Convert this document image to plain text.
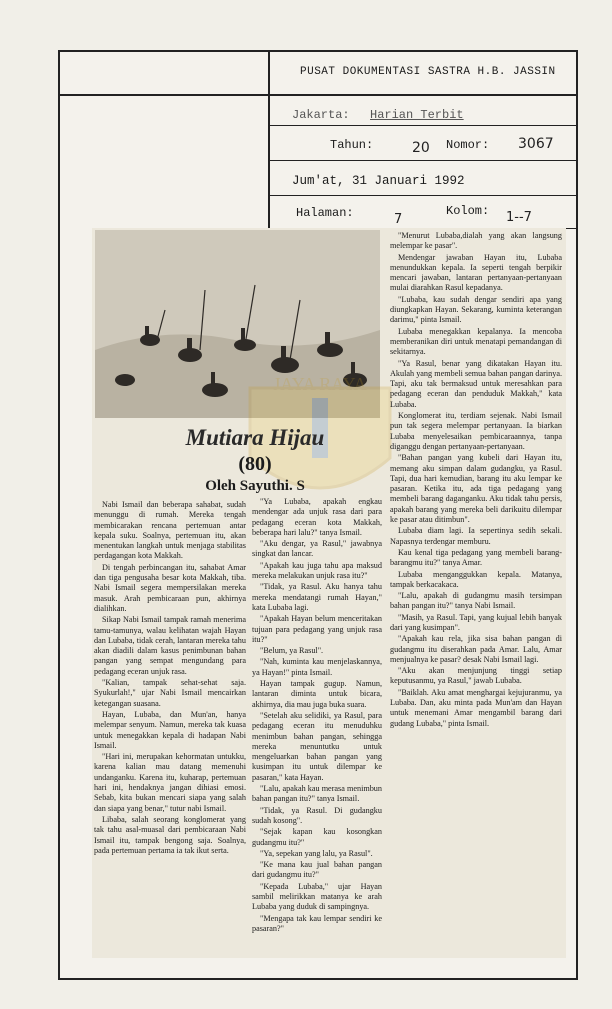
PUSAT DOKUMENTASI SASTRA H.B. JASSIN
Jakarta: Harian Terbit
Tahun:	20 Nomor: 3067
Jum'at, 31 Januari 1992
Halaman:	7
Kolom: 1--7
JAYA RAYA
Mutiara Hijau
(80)
Oleh Sayuthi. S

Nabi Ismail dan beberapa sahabat, sudah menunggu di rumah. Mereka tengah membicarakan rencana pertemuan antar kepala suku. Soalnya, pertemuan itu, akan menentukan langkah untuk menjaga stabilitas perdagangan kota Makkah.

Di tengah perbincangan itu, sahabat Amar dan tiga pengusaha besar kota Makkah, tiba. Nabi Ismail segera mempersilakan mereka masuk. Arah pembicaraan pun, akhirnya dialihkan.

Sikap Nabi Ismail tampak ramah menerima tamu-tamunya, walau kelihatan wajah Hayan dan Lubaba, tidak cerah, lantaran mereka tahu akan diadili dalam kasus penimbunan bahan pangan yang sempat mengundang para pedagang eceran unjuk rasa.

"Kalian, tampak sehat-sehat saja. Syukurlah!," ujar Nabi Ismail mencairkan ketegangan suasana.

Hayan, Lubaba, dan Mun'an, hanya melempar senyum. Namun, mereka tak kuasa untuk menegakkan kepala di hadapan Nabi Ismail.

"Hari ini, merupakan kehormatan untukku, karena kalian mau datang memenuhi undanganku. Karena itu, kuharap, pertemuan hari ini, hendaknya jangan dihiasi emosi. Sebab, kita bukan mencari siapa yang salah dan siapa yang benar," tutur nabi Ismail.

Libaba, salah seorang konglomerat yang tak tahu asal-muasal dari pembicaraan Nabi Ismail itu, tampak bengong saja. Soalnya, pada pertemuan pertama ia tak ikut serta.

"Ya Lubaba, apakah engkau mendengar ada unjuk rasa dari para pedagang eceran kota Makkah, beberapa hari lalu?" tanya Ismail.

"Aku dengar, ya Rasul," jawabnya singkat dan lancar.

"Apakah kau juga tahu apa maksud mereka melakukan unjuk rasa itu?"

"Tidak, ya Rasul. Aku hanya tahu mereka mendatangi rumah Hayan," kata Lubaba lagi.

"Apakah Hayan belum menceritakan tujuan para pedagang yang unjuk rasa itu?"

"Belum, ya Rasul".

"Nah, kuminta kau menjelaskannya, ya Hayan!" pinta Ismail.

Hayan tampak gugup. Namun, lantaran diminta untuk bicara, akhirnya, dia mau juga buka suara.

"Setelah aku selidiki, ya Rasul, para pedagang eceran itu menuduhku menimbun bahan pangan, sehingga mereka menuntutku untuk mengeluarkan bahan pangan yang kusimpan itu untuk dilempar ke pasaran," kata Hayan.

"Lalu, apakah kau merasa menimbun bahan pangan itu?" tanya Ismail.

"Tidak, ya Rasul. Di gudangku sudah kosong".

"Sejak kapan kau kosongkan gudangmu itu?"

"Ya, sepekan yang lalu, ya Rasul".

"Ke mana kau jual bahan pangan dari gudangmu itu?"

"Kepada Lubaba," ujar Hayan sambil melirikkan matanya ke arah Lubaba yang duduk di sampingnya.

"Mengapa tak kau lempar sendiri ke pasaran?"

"Menurut Lubaba,dialah yang akan langsung melempar ke pasar".

Mendengar jawaban Hayan itu, Lubaba menundukkan kepala. Ia seperti tengah berpikir mencari jawaban, lantaran pertanyaan-pertanyaan mulai diarahkan Rasul kepadanya.

"Lubaba, kau sudah dengar sendiri apa yang diungkapkan Hayan. Sekarang, kuminta keterangan darimu," pinta Ismail.

Lubaba menegakkan kepalanya. Ia mencoba memberanikan diri untuk menatapi pemandangan di sekitarnya.

"Ya Rasul, benar yang dikatakan Hayan itu. Akulah yang membeli semua bahan pangan darinya. Tapi, aku tak bermaksud untuk meresahkan para pedagang eceran dan penduduk Makkah," kata Lubaba.

Konglomerat itu, terdiam sejenak. Nabi Ismail pun tak segera melempar pertanyaan. Ia biarkan Lubaba menyelesaikan pembicaraannya, tanpa diganggu dengan pertanyaan-pertanyaan.

"Bahan pangan yang kubeli dari Hayan itu, memang aku simpan dalam gudangku, ya Rasul. Tapi, dua hari kemudian, barang itu aku lempar ke pasaran. Ketika itu, ada tiga pedagang yang membeli barang daganganku. Aku tidak tahu persis, apakah barang yang mereka beli darikuitu dilempar ke pasar atau ditimbun".

Lubaba diam lagi. Ia sepertinya sedih sekali. Napasnya terdengar memburu.

Kau kenal tiga pedagang yang membeli barang-barangmu itu?" tanya Amar.

Lubaba menganggukkan kepala. Matanya, tampak berkacakaca.

"Lalu, apakah di gudangmu masih tersimpan bahan pangan itu?" tanya Nabi Ismail.

"Masih, ya Rasul. Tapi, yang kujual lebih banyak dari yang kusimpan".

"Apakah kau rela, jika sisa bahan pangan di gudangmu itu diserahkan pada Amar. Lalu, Amar menjualnya ke pasar? desak Nabi Ismail lagi.

"Aku akan menjunjung tinggi setiap keputusanmu, ya Rasul," jawab Lubaba.

"Baiklah. Aku amat menghargai kejujuranmu, ya Lubaba. Dan, aku minta pada Mun'am dan Hayan untuk menemani Amar mengambil barang dari gudang Lubaba," pinta Ismail.
